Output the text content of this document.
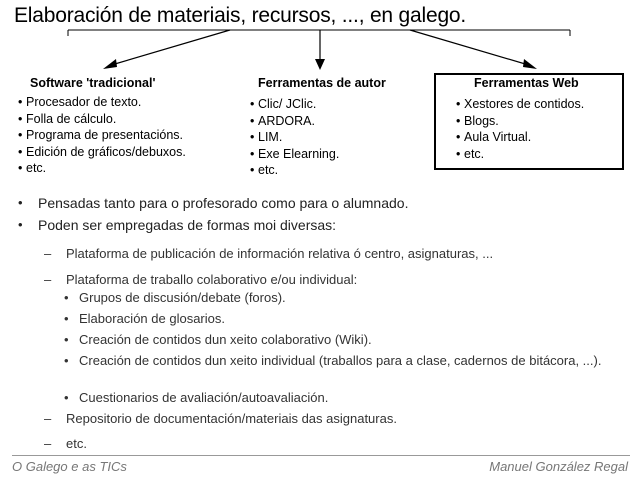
Elaboración de materiais, recursos, ..., en galego.
Software 'tradicional'
• Procesador de texto.
• Folla de cálculo.
• Programa de presentacións.
• Edición de gráficos/debuxos.
• etc.
Ferramentas de autor
• Clic/ JClic.
• ARDORA.
• LIM.
• Exe Elearning.
• etc.
Ferramentas Web
• Xestores de contidos.
• Blogs.
• Aula Virtual.
• etc.
• Pensadas tanto para o profesorado como para o alumnado.
• Poden ser empregadas de formas moi diversas:
– Plataforma de publicación de información relativa ó centro, asignaturas, ...
– Plataforma de traballo colaborativo e/ou individual:
• Grupos de discusión/debate (foros).
• Elaboración de glosarios.
• Creación de contidos dun xeito colaborativo (Wiki).
• Creación de contidos dun xeito individual (traballos para a clase, cadernos de bitácora, ...).
• Cuestionarios de avaliación/autoavaliación.
– Repositorio de documentación/materiais das asignaturas.
– etc.
O Galego e as TICs	Manuel González Regal
